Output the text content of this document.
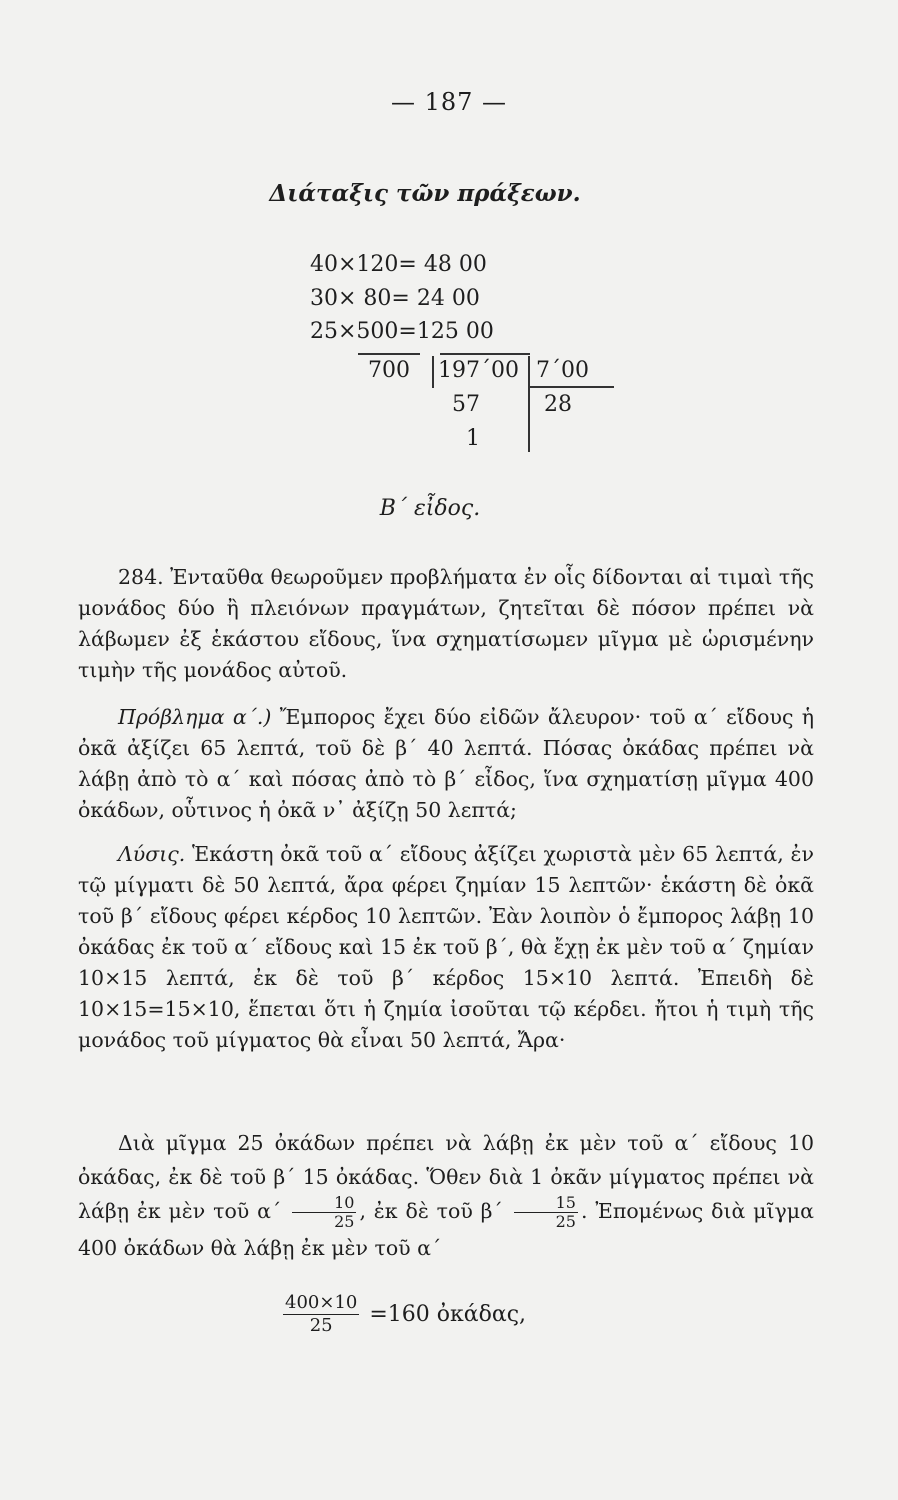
— 187 —
Διάταξις τῶν πράξεων.
40×120= 48 00
30× 80= 24 00
25×500=125 00
700 197΄00 7΄00
57	28
1
Β΄ εἶδος.

284. Ἐνταῦθα θεωροῦμεν προβλήματα ἐν οἷς δίδονται αἱ τιμαὶ τῆς μονάδος δύο ἢ πλειόνων πραγμάτων, ζητεῖται δὲ πόσον πρέπει νὰ λάβωμεν ἐξ ἑκάστου εἴδους, ἵνα σχηματίσωμεν μῖγμα μὲ ὡρισμένην τιμὴν τῆς μονάδος αὐτοῦ.

Πρόβλημα α΄.) Ἔμπορος ἔχει δύο εἰδῶν ἄλευρον· τοῦ α΄ εἴδους ἡ ὀκᾶ ἀξίζει 65 λεπτά, τοῦ δὲ β΄ 40 λεπτά. Πόσας ὀκάδας πρέπει νὰ λάβῃ ἀπὸ τὸ α΄ καὶ πόσας ἀπὸ τὸ β΄ εἶδος, ἵνα σχηματίσῃ μῖγμα 400 ὀκάδων, οὗτινος ἡ ὀκᾶ ν᾽ ἀξίζῃ 50 λεπτά;

Λύσις. Ἑκάστη ὀκᾶ τοῦ α΄ εἴδους ἀξίζει χωριστὰ μὲν 65 λεπτά, ἐν τῷ μίγματι δὲ 50 λεπτά, ἄρα φέρει ζημίαν 15 λεπτῶν· ἑκάστη δὲ ὀκᾶ τοῦ β΄ εἴδους φέρει κέρδος 10 λεπτῶν. Ἐὰν λοιπὸν ὁ ἔμπορος λάβῃ 10 ὀκάδας ἐκ τοῦ α΄ εἴδους καὶ 15 ἐκ τοῦ β΄, θὰ ἔχῃ ἐκ μὲν τοῦ α΄ ζημίαν 10×15 λεπτά, ἐκ δὲ τοῦ β΄ κέρδος 15×10 λεπτά. Ἐπειδὴ δὲ 10×15=15×10, ἕπεται ὅτι ἡ ζημία ἰσοῦται τῷ κέρδει. ἤτοι ἡ τιμὴ τῆς μονάδος τοῦ μίγματος θὰ εἶναι 50 λεπτά, Ἄρα·

Διὰ μῖγμα 25 ὀκάδων πρέπει νὰ λάβῃ ἐκ μὲν τοῦ α΄ εἴδους 10 ὀκάδας, ἐκ δὲ τοῦ β΄ 15 ὀκάδας. Ὅθεν διὰ 1 ὀκᾶν μίγματος πρέπει νὰ λάβῃ ἐκ μὲν τοῦ $\alpha΄ \frac{10}{25}$ , ἐκ δὲ τοῦ $\beta΄ \frac{15}{25}$ . Ἐπομένως διὰ μῖγμα 400 ὀκάδων θὰ λάβῃ ἐκ μὲν τοῦ α΄

$\frac{400\times 10}{25} =160$ ὀκάδας,
